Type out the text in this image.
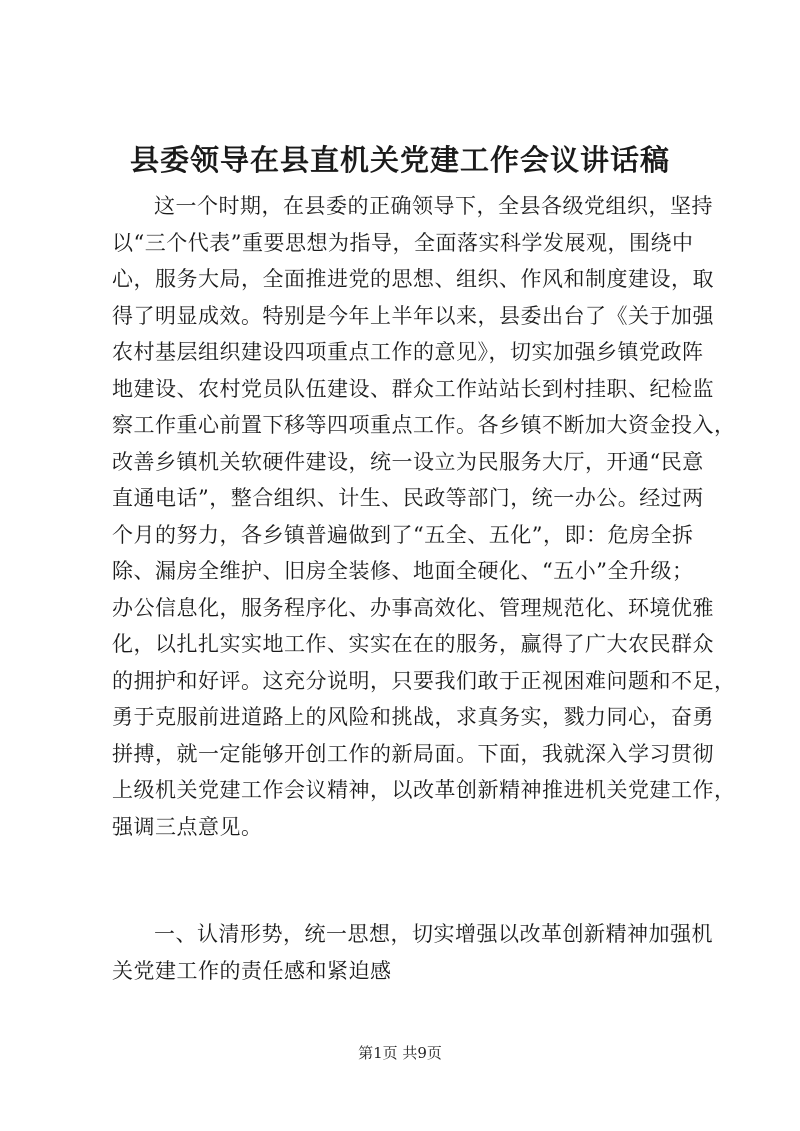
县委领导在县直机关党建工作会议讲话稿
这一个时期，在县委的正确领导下，全县各级党组织，坚持
以“三个代表”重要思想为指导，全面落实科学发展观，围绕中
心，服务大局，全面推进党的思想、组织、作风和制度建设，取
得了明显成效。特别是今年上半年以来，县委出台了《关于加强
农村基层组织建设四项重点工作的意见》，切实加强乡镇党政阵
地建设、农村党员队伍建设、群众工作站站长到村挂职、纪检监
察工作重心前置下移等四项重点工作。各乡镇不断加大资金投入，
改善乡镇机关软硬件建设，统一设立为民服务大厅，开通“民意
直通电话”，整合组织、计生、民政等部门，统一办公。经过两
个月的努力，各乡镇普遍做到了“五全、五化”，即：危房全拆
除、漏房全维护、旧房全装修、地面全硬化、“五小”全升级；
办公信息化，服务程序化、办事高效化、管理规范化、环境优雅
化，以扎扎实实地工作、实实在在的服务，赢得了广大农民群众
的拥护和好评。这充分说明，只要我们敢于正视困难问题和不足，
勇于克服前进道路上的风险和挑战，求真务实，戮力同心，奋勇
拼搏，就一定能够开创工作的新局面。下面，我就深入学习贯彻
上级机关党建工作会议精神，以改革创新精神推进机关党建工作，
强调三点意见。
一、认清形势，统一思想，切实增强以改革创新精神加强机
关党建工作的责任感和紧迫感
第1页 共9页
